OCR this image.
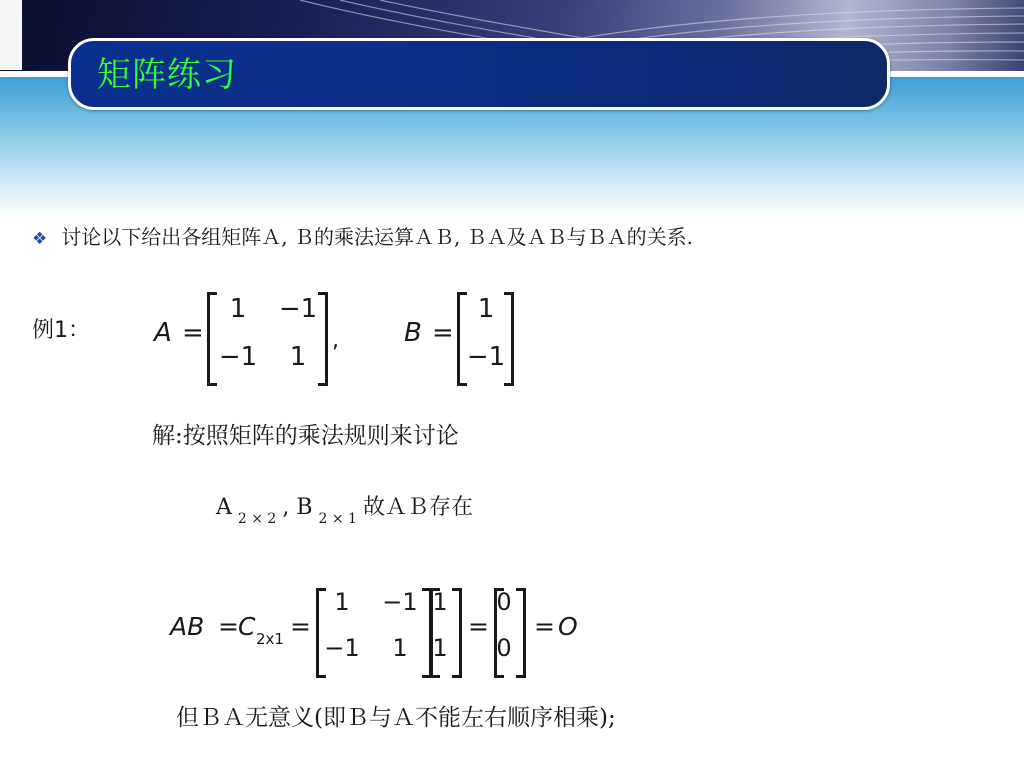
矩阵练习
❖ 讨论以下给出各组矩阵Ａ, Ｂ的乘法运算ＡＢ, ＢＡ及ＡＢ与ＢＡ的关系.
例1： A =
1	−1
−1	1
,	B =
1
−1
解:按照矩阵的乘法规则来讨论
A $_{2 \times 2}$ , B $_{2 \times 1}$ 故ＡＢ存在
AB = C 2x1 =
1	−1
−1	1
1
1
=
0
0
= O
但ＢＡ无意义(即Ｂ与Ａ不能左右顺序相乘);
